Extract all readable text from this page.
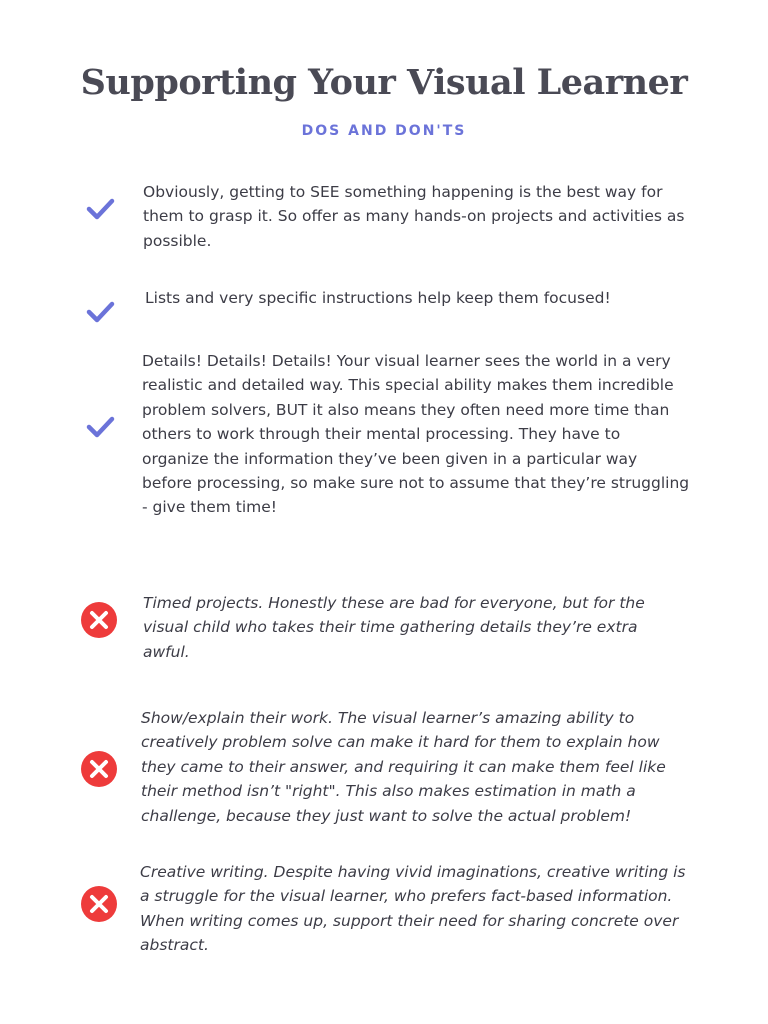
Supporting Your Visual Learner
DOS AND DON'TS
Obviously, getting to SEE something happening is the best way for them to grasp it. So offer as many hands-on projects and activities as possible.
Lists and very specific instructions help keep them focused!
Details! Details! Details! Your visual learner sees the world in a very realistic and detailed way. This special ability makes them incredible problem solvers, BUT it also means they often need more time than others to work through their mental processing. They have to organize the information they’ve been given in a particular way before processing, so make sure not to assume that they’re struggling - give them time!
Timed projects. Honestly these are bad for everyone, but for the visual child who takes their time gathering details they’re extra awful.
Show/explain their work. The visual learner’s amazing ability to creatively problem solve can make it hard for them to explain how they came to their answer, and requiring it can make them feel like their method isn’t "right". This also makes estimation in math a challenge, because they just want to solve the actual problem!
Creative writing. Despite having vivid imaginations, creative writing is a struggle for the visual learner, who prefers fact-based information. When writing comes up, support their need for sharing concrete over abstract.
